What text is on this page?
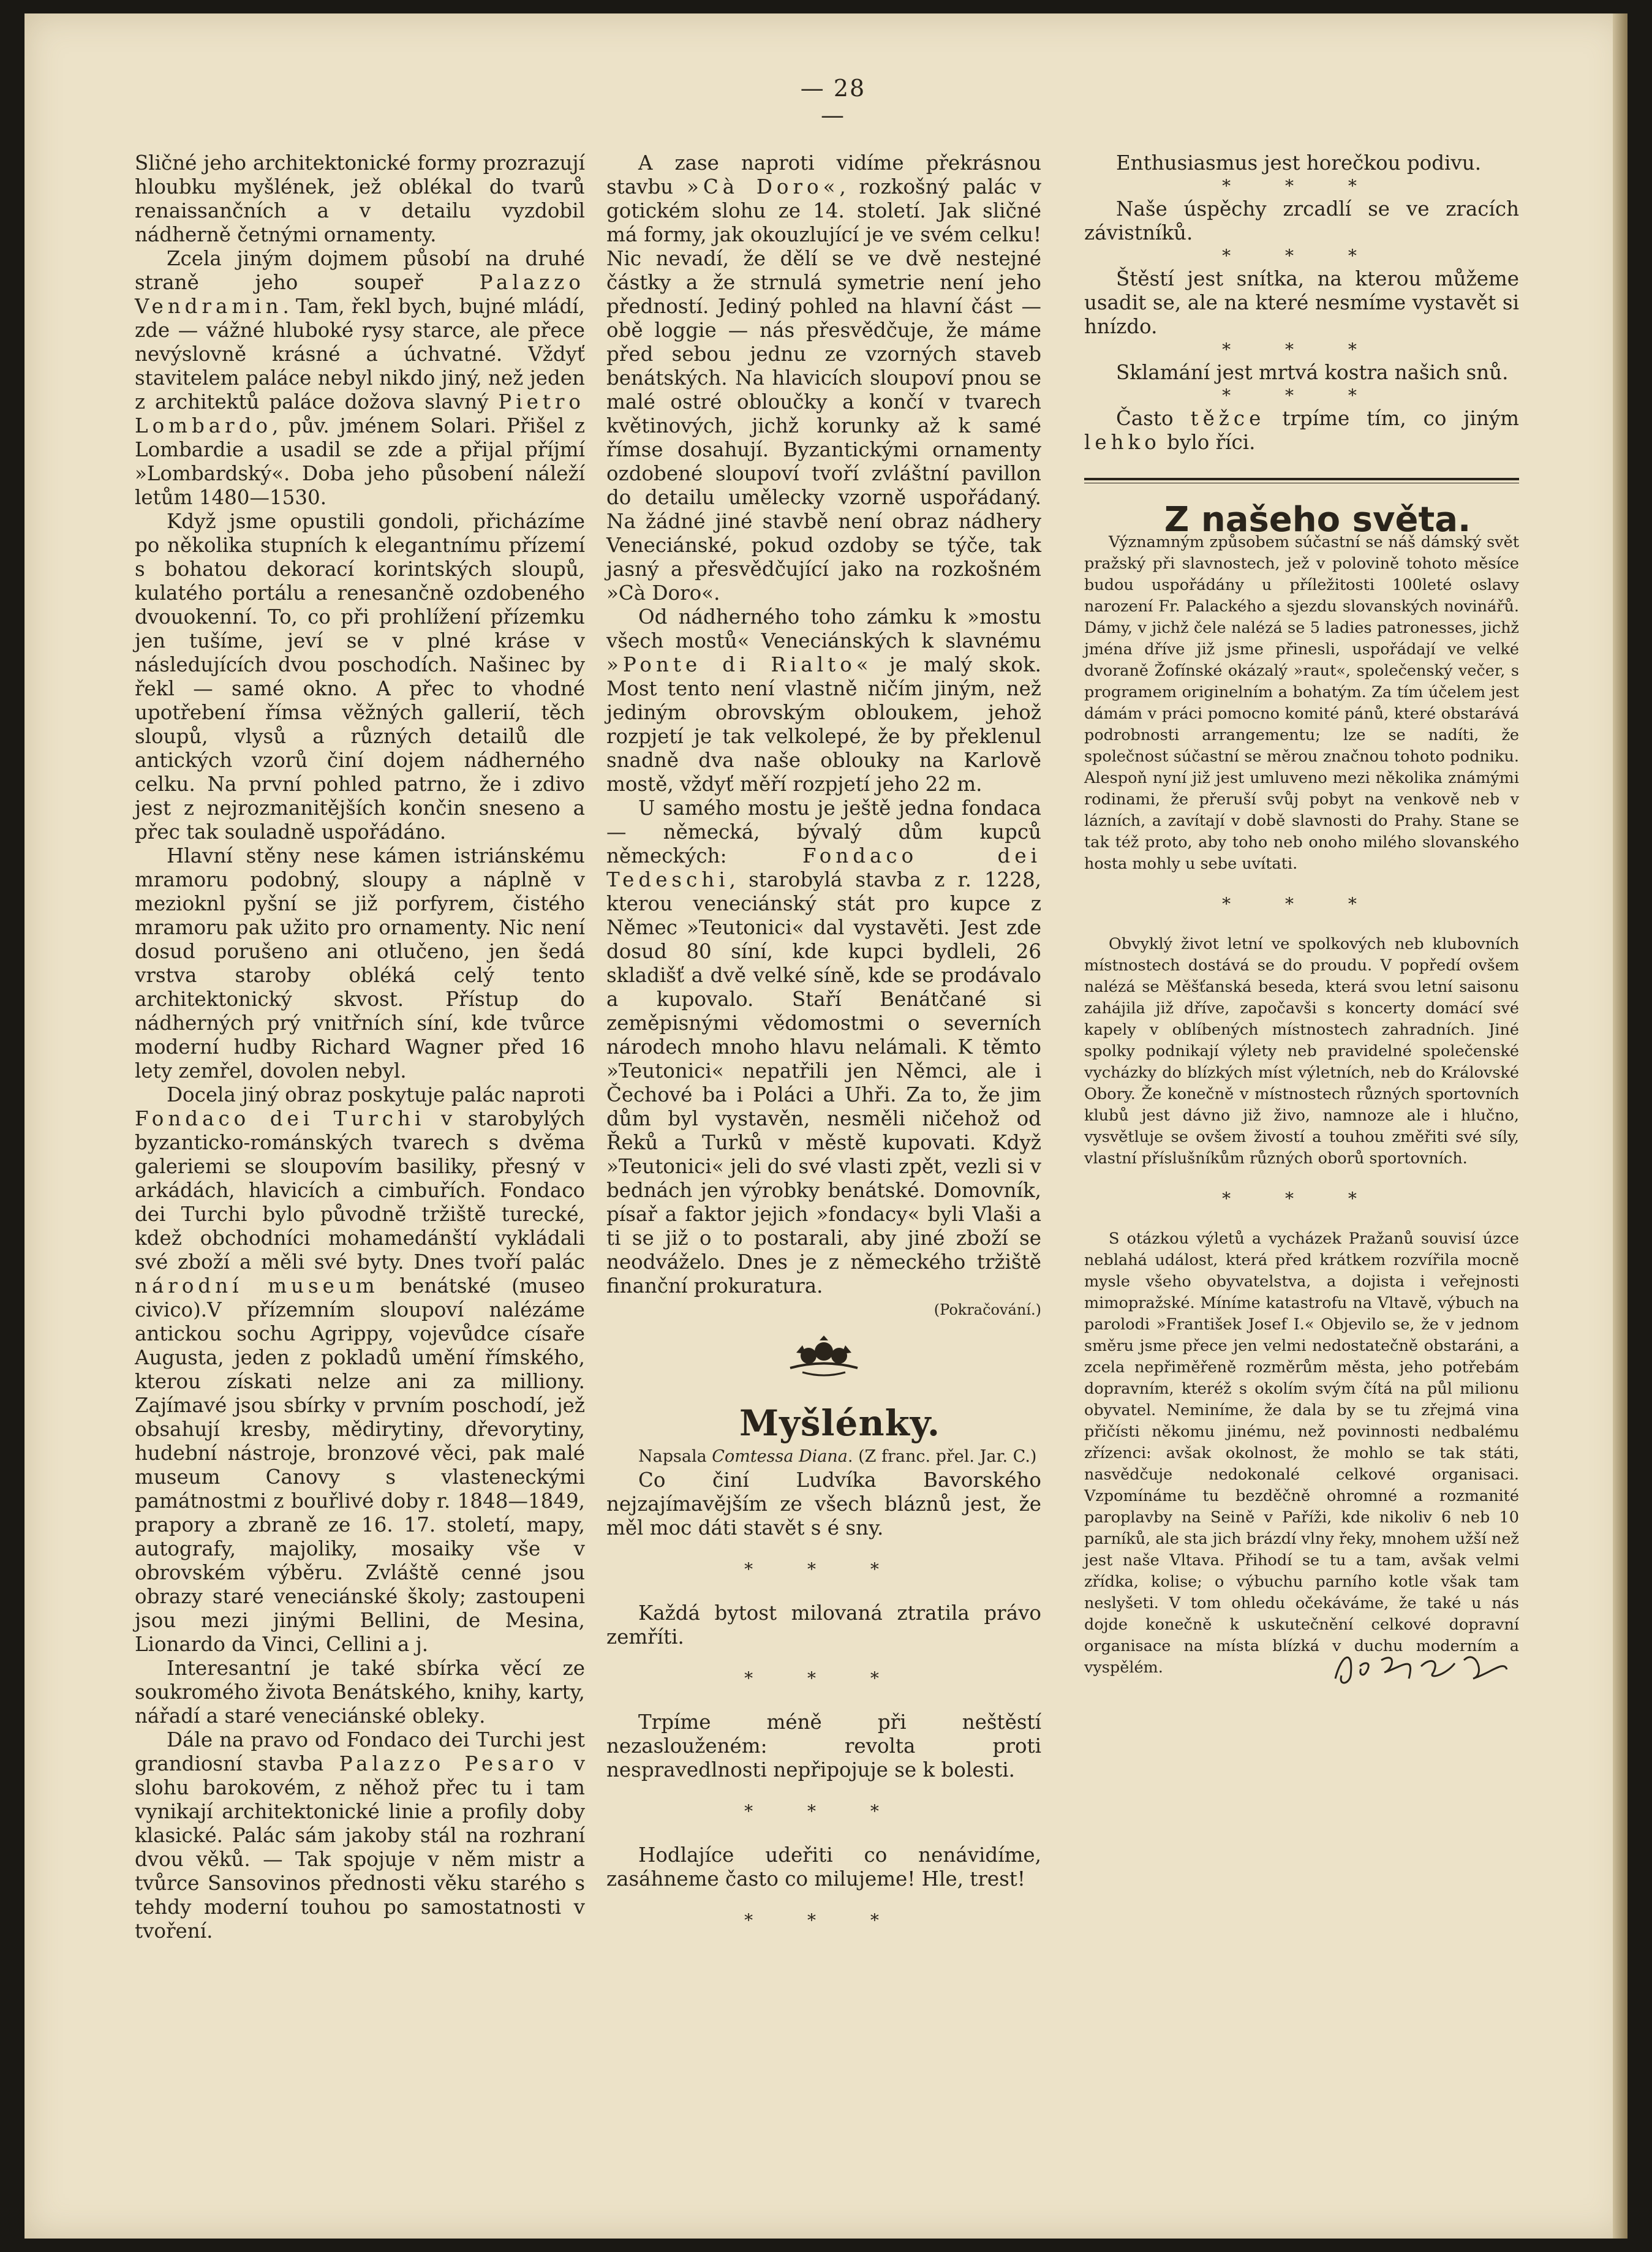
— 28 —

Sličné jeho architektonické formy prozrazují hloubku myšlének, jež oblékal do tvarů renaissančních a v detailu vyzdobil nádherně četnými ornamenty.

Zcela jiným dojmem působí na druhé straně jeho soupeř	Palazzo Vendramin. Tam, řekl bych, bujné mládí, zde — vážné hluboké rysy starce, ale přece nevýslovně krásné a úchvatné. Vždyť stavitelem paláce nebyl nikdo jiný, než jeden z architektů paláce dožova slavný Pietro Lombardo, pův. jménem Solari. Přišel z Lombardie a usadil se zde a přijal příjmí »Lombardský«. Doba jeho působení náleží letům 1480—1530.

Když jsme opustili gondoli, přicházíme po několika stupních k elegantnímu přízemí s bohatou dekorací korintských sloupů, kulatého portálu a renesančně ozdobeného dvouokenní. To, co při prohlížení přízemku jen tušíme, jeví se v plné kráse v následujících dvou poschodích. Našinec by řekl — samé okno. A přec to vhodné upotřebení římsa věžných gallerií, těch sloupů, vlysů a různých detailů dle antických vzorů činí dojem nádherného celku. Na první pohled patrno, že i zdivo jest z nejrozmanitějších končin sneseno a přec tak souladně uspořádáno.

Hlavní stěny nese kámen istriánskému mramoru podobný, sloupy a náplně v mezioknl pyšní se již porfyrem, čistého mramoru pak užito pro ornamenty. Nic není dosud porušeno ani otlučeno, jen šedá vrstva staroby obléká celý tento architektonický skvost. Přístup do nádherných prý vnitřních síní, kde tvůrce moderní hudby Richard Wagner před 16 lety zemřel, dovolen nebyl.

Docela jiný obraz poskytuje palác naproti Fondaco dei Turchi v starobylých byzanticko-románských tvarech s dvěma galeriemi se sloupovím basiliky, přesný v arkádách, hlavicích a cimbuřích. Fondaco dei Turchi bylo původně tržiště turecké, kdež obchodníci mohamedánští vykládali své zboží a měli své byty. Dnes tvoří palác národní museum benátské (museo civico).V přízemním sloupoví nalézáme antickou sochu Agrippy, vojevůdce císaře Augusta, jeden z pokladů umění římského, kterou získati nelze ani za milliony. Zajímavé jsou sbírky v prvním poschodí, jež obsahují kresby, mědirytiny, dřevorytiny, hudební nástroje, bronzové věci, pak malé museum Canovy s vlasteneckými památnostmi z bouřlivé doby r. 1848—1849, prapory a zbraně ze 16. 17. století, mapy, autografy, majoliky, mosaiky vše v obrovském výběru. Zvláště cenné jsou obrazy staré veneciánské školy; zastoupeni jsou mezi jinými Bellini, de Mesina, Lionardo da Vinci, Cellini a j.

Interesantní je také sbírka věcí ze soukromého života Benátského, knihy, karty, nářadí a staré veneciánské oblekу.

Dále na pravo od Fondaco dei Turchi jest grandiosní stavba Palazzo Pesaro v slohu barokovém, z něhož přec tu i tam vynikají architektonické linie a profily doby klasické. Palác sám jakoby stál na rozhraní dvou věků. — Tak spojuje v něm mistr a tvůrce Sansovinos přednosti věku starého s tehdy moderní touhou po samostatnosti v tvoření.

A zase naproti vidíme překrásnou stavbu »Cà Doro«, rozkošný palác v gotickém slohu ze 14. století. Jak sličné má formy, jak okouzlující je ve svém celku! Nic nevadí, že dělí se ve dvě nestejné částky a že strnulá symetrie není jeho předností. Jediný pohled na hlavní část — obě loggie — nás přesvědčuje, že máme před sebou jednu ze vzorných staveb benátských. Na hlavicích sloupoví pnou se malé ostré obloučky a končí v tvarech květinových, jichž korunky až k samé římse dosahují. Byzantickými ornamenty ozdobené sloupoví tvoří zvláštní pavillon do detailu umělecky vzorně uspořádaný. Na žádné jiné stavbě není obraz nádhery Veneciánské, pokud ozdoby se týče, tak jasný a přesvědčující jako na rozkošném »Cà Doro«.

Od nádherného toho zámku k »mostu všech mostů« Veneciánských k slavnému »Ponte di Rialto« je malý skok. Most tento není vlastně ničím jiným, než jediným obrovským obloukem, jehož rozpjetí je tak velkolepé, že by překlenul snadně dva naše oblouky na Karlově mostě, vždyť měří rozpjetí jeho 22 m.

U samého mostu je ještě jedna fondaca — německá, bývalý dům kupců německých:	Fondaco dei Tedeschi, starobylá stavba z r. 1228, kterou veneciánský stát pro kupce z Němec »Teutonici« dal vystavěti. Jest zde dosud 80 síní, kde kupci bydleli, 26 skladišť a dvě velké síně, kde se prodávalo a kupovalo. Staří Benátčané si zeměpisnými vědomostmi o severních národech mnoho hlavu nelámali. K těmto »Teutonici« nepatřili jen Němci, ale i Čechové ba i Poláci a Uhři. Za to, že jim dům byl vystavěn, nesměli ničehož od Řeků a Turků v městě kupovati. Když »Teutonici« jeli do své vlasti zpět, vezli si v bednách jen výrobky benátské. Domovník, písař a faktor jejich »fondacy« byli Vlaši a ti se již o to postarali, aby jiné zboží se neodváželo. Dnes je z německého tržiště finanční prokuratura.

(Pokračování.)

Myšlénky.

Napsala Comtessa Diana. (Z franc. přel. Jar. C.)

Co činí Ludvíka Bavorského nejzajímavějším ze všech bláznů jest, že měl moc dáti stavět s é sny.

* * *

Každá bytost milovaná ztratila právo zemříti.

* * *

Trpíme méně při neštěstí nezaslouženém: revolta proti nespravedlnosti nepřipojuje se k bolesti.

* * *

Hodlajíce udeřiti co nenávidíme, zasáhneme často co milujeme! Hle, trest!

* * *

Enthusiasmus jest horečkou podivu.

* * *

Naše úspěchy zrcadlí se ve zracích závistníků.

* * *

Štěstí jest snítka, na kterou můžeme usadit se, ale na které nesmíme vystavět si hnízdo.

* * *

Sklamání jest mrtvá kostra našich snů.

* * *

Často těžce trpíme tím, co jiným lehko bylo říci.

Z našeho světa.

Významným způsobem súčastní se náš dámský svět pražský při slavnostech, jež v polovině tohoto měsíce budou uspořádány u příležitosti 100leté oslavy narození Fr. Palackého a sjezdu slovanských novinářů. Dámy, v jichž čele nalézá se 5 ladies patronesses, jichž jména dříve již jsme přinesli, uspořádají ve velké dvoraně Žofínské okázalý »raut«, společenský večer, s programem originelním a bohatým. Za tím účelem jest dámám v práci pomocno komité pánů, které obstarává podrobnosti arrangementu; lze se nadíti, že společnost súčastní se měrou značnou tohoto podniku. Alespoň nyní již jest umluveno mezi několika známými rodinami, že přeruší svůj pobyt na venkově neb v lázních, a zavítají v době slavnosti do Prahy. Stane se tak též proto, aby toho neb onoho milého slovanského hosta mohly u sebe uvítati.

* * *

Obvyklý život letní ve spolkových neb klubovních místnostech dostává se do proudu. V popředí ovšem nalézá se Měšťanská beseda, která svou letní saisonu zahájila již dříve, započavši s koncerty domácí své kapely v oblíbených místnostech zahradních. Jiné spolky podnikají výlety neb pravidelné společenské vycházky do blízkých míst výletních, neb do Královské Obory. Že konečně v místnostech různých sportovních klubů jest dávno již živo, namnoze ale i hlučno, vysvětluje se ovšem živostí a touhou změřiti své síly, vlastní příslušníkům různých oborů sportovních.

* * *

S otázkou výletů a vycházek Pražanů souvisí úzce neblahá událost, která před krátkem rozvířila mocně mysle všeho obyvatelstva, a dojista i veřejnosti mimopražské. Míníme katastrofu na Vltavě, výbuch na parolodi »František Josef I.« Objevilo se, že v jednom směru jsme přece jen velmi nedostatečně obstaráni, a zcela nepřiměřeně rozměrům města, jeho potřebám dopravním, kteréž s okolím svým čítá na půl milionu obyvatel. Neminíme, že dala by se tu zřejmá vina přičísti někomu jinému, než povinnosti nedbalému zřízenci: avšak okolnost, že mohlo se tak státi, nasvědčuje nedokonalé celkové organisaci. Vzpomínáme tu bezděčně ohromné a rozmanité paroplavby na Seině v Paříži, kde nikoliv 6 neb 10 parníků, ale sta jich brázdí vlny řeky, mnohem užší než jest naše Vltava. Přihodí se tu a tam, avšak velmi zřídka, kolise; o výbuchu parního kotle však tam neslyšeti. V tom ohledu očekáváme, že také u nás dojde konečně k uskutečnění celkové dopravní organisace na místa blízká v duchu moderním a vyspělém.
